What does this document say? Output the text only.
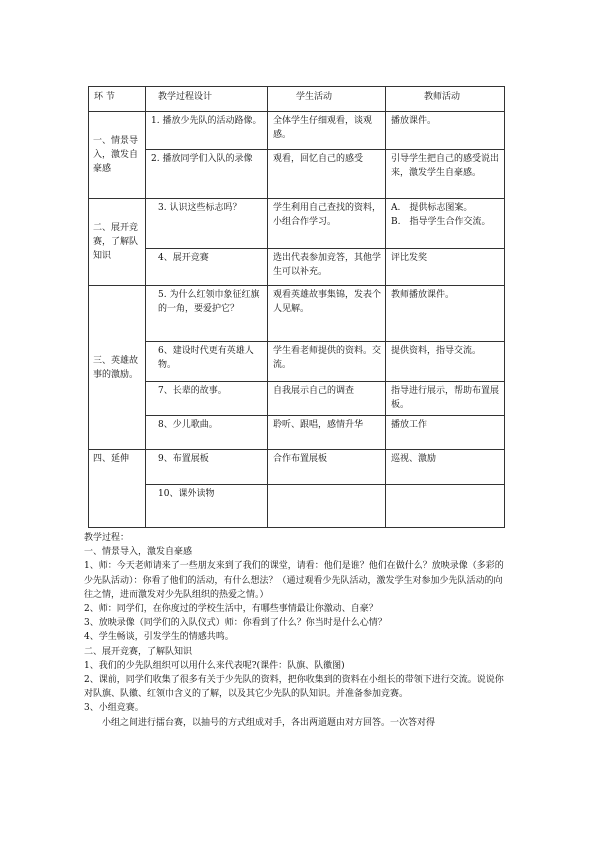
环 节	教学过程设计	学生活动	教师活动
一、情景导入，激发自豪感	1. 播放少先队的活动路像。	全体学生仔细观看，谈观感。	播放课件。
	2. 播放同学们入队的录像	观看，回忆自己的感受	引导学生把自己的感受说出来，激发学生自豪感。
二、展开竞赛，了解队知识	3. 认识这些标志吗？	学生利用自己查找的资料，小组合作学习。	A.　提供标志图案。
B.　指导学生合作交流。
	4、展开竞赛	选出代表参加竞答，其他学生可以补充。	评比发奖
三、英雄故事的激励。	5. 为什么红领巾象征红旗的一角，要爱护它？	观看英雄故事集锦，发表个人见解。	教师播放课件。
	6、建设时代更有英雄人物。	学生看老师提供的资料。交流。	提供资料，指导交流。
	7、长辈的故事。	自我展示自己的调查	指导进行展示，帮助布置展板。
	8、少儿歌曲。	聆听、跟唱，感情升华	播放工作
四、延伸	9、布置展板	合作布置展板	巡视、激励
	10、课外读物		

教学过程：

一、情景导入，激发自豪感

1、师：今天老师请来了一些朋友来到了我们的课堂，请看：他们是谁？他们在做什么？放映录像（多彩的少先队活动）：你看了他们的活动，有什么想法？（通过观看少先队活动，激发学生对参加少先队活动的向往之情，进而激发对少先队组织的热爱之情。）

2、师：同学们，在你度过的学校生活中，有哪些事情最让你激动、自豪？

3、放映录像（同学们的入队仪式）师：你看到了什么？你当时是什么心情？

4、学生畅谈，引发学生的情感共鸣。

二、展开竞赛，了解队知识

1、我们的少先队组织可以用什么来代表呢?(课件：队旗、队徽图)

2、课前，同学们收集了很多有关于少先队的资料，把你收集到的资料在小组长的带领下进行交流。说说你对队旗、队徽、红领巾含义的了解，以及其它少先队的队知识。并准备参加竞赛。

3、小组竞赛。

小组之间进行擂台赛，以抽号的方式组成对手，各出两道题由对方回答。一次答对得
